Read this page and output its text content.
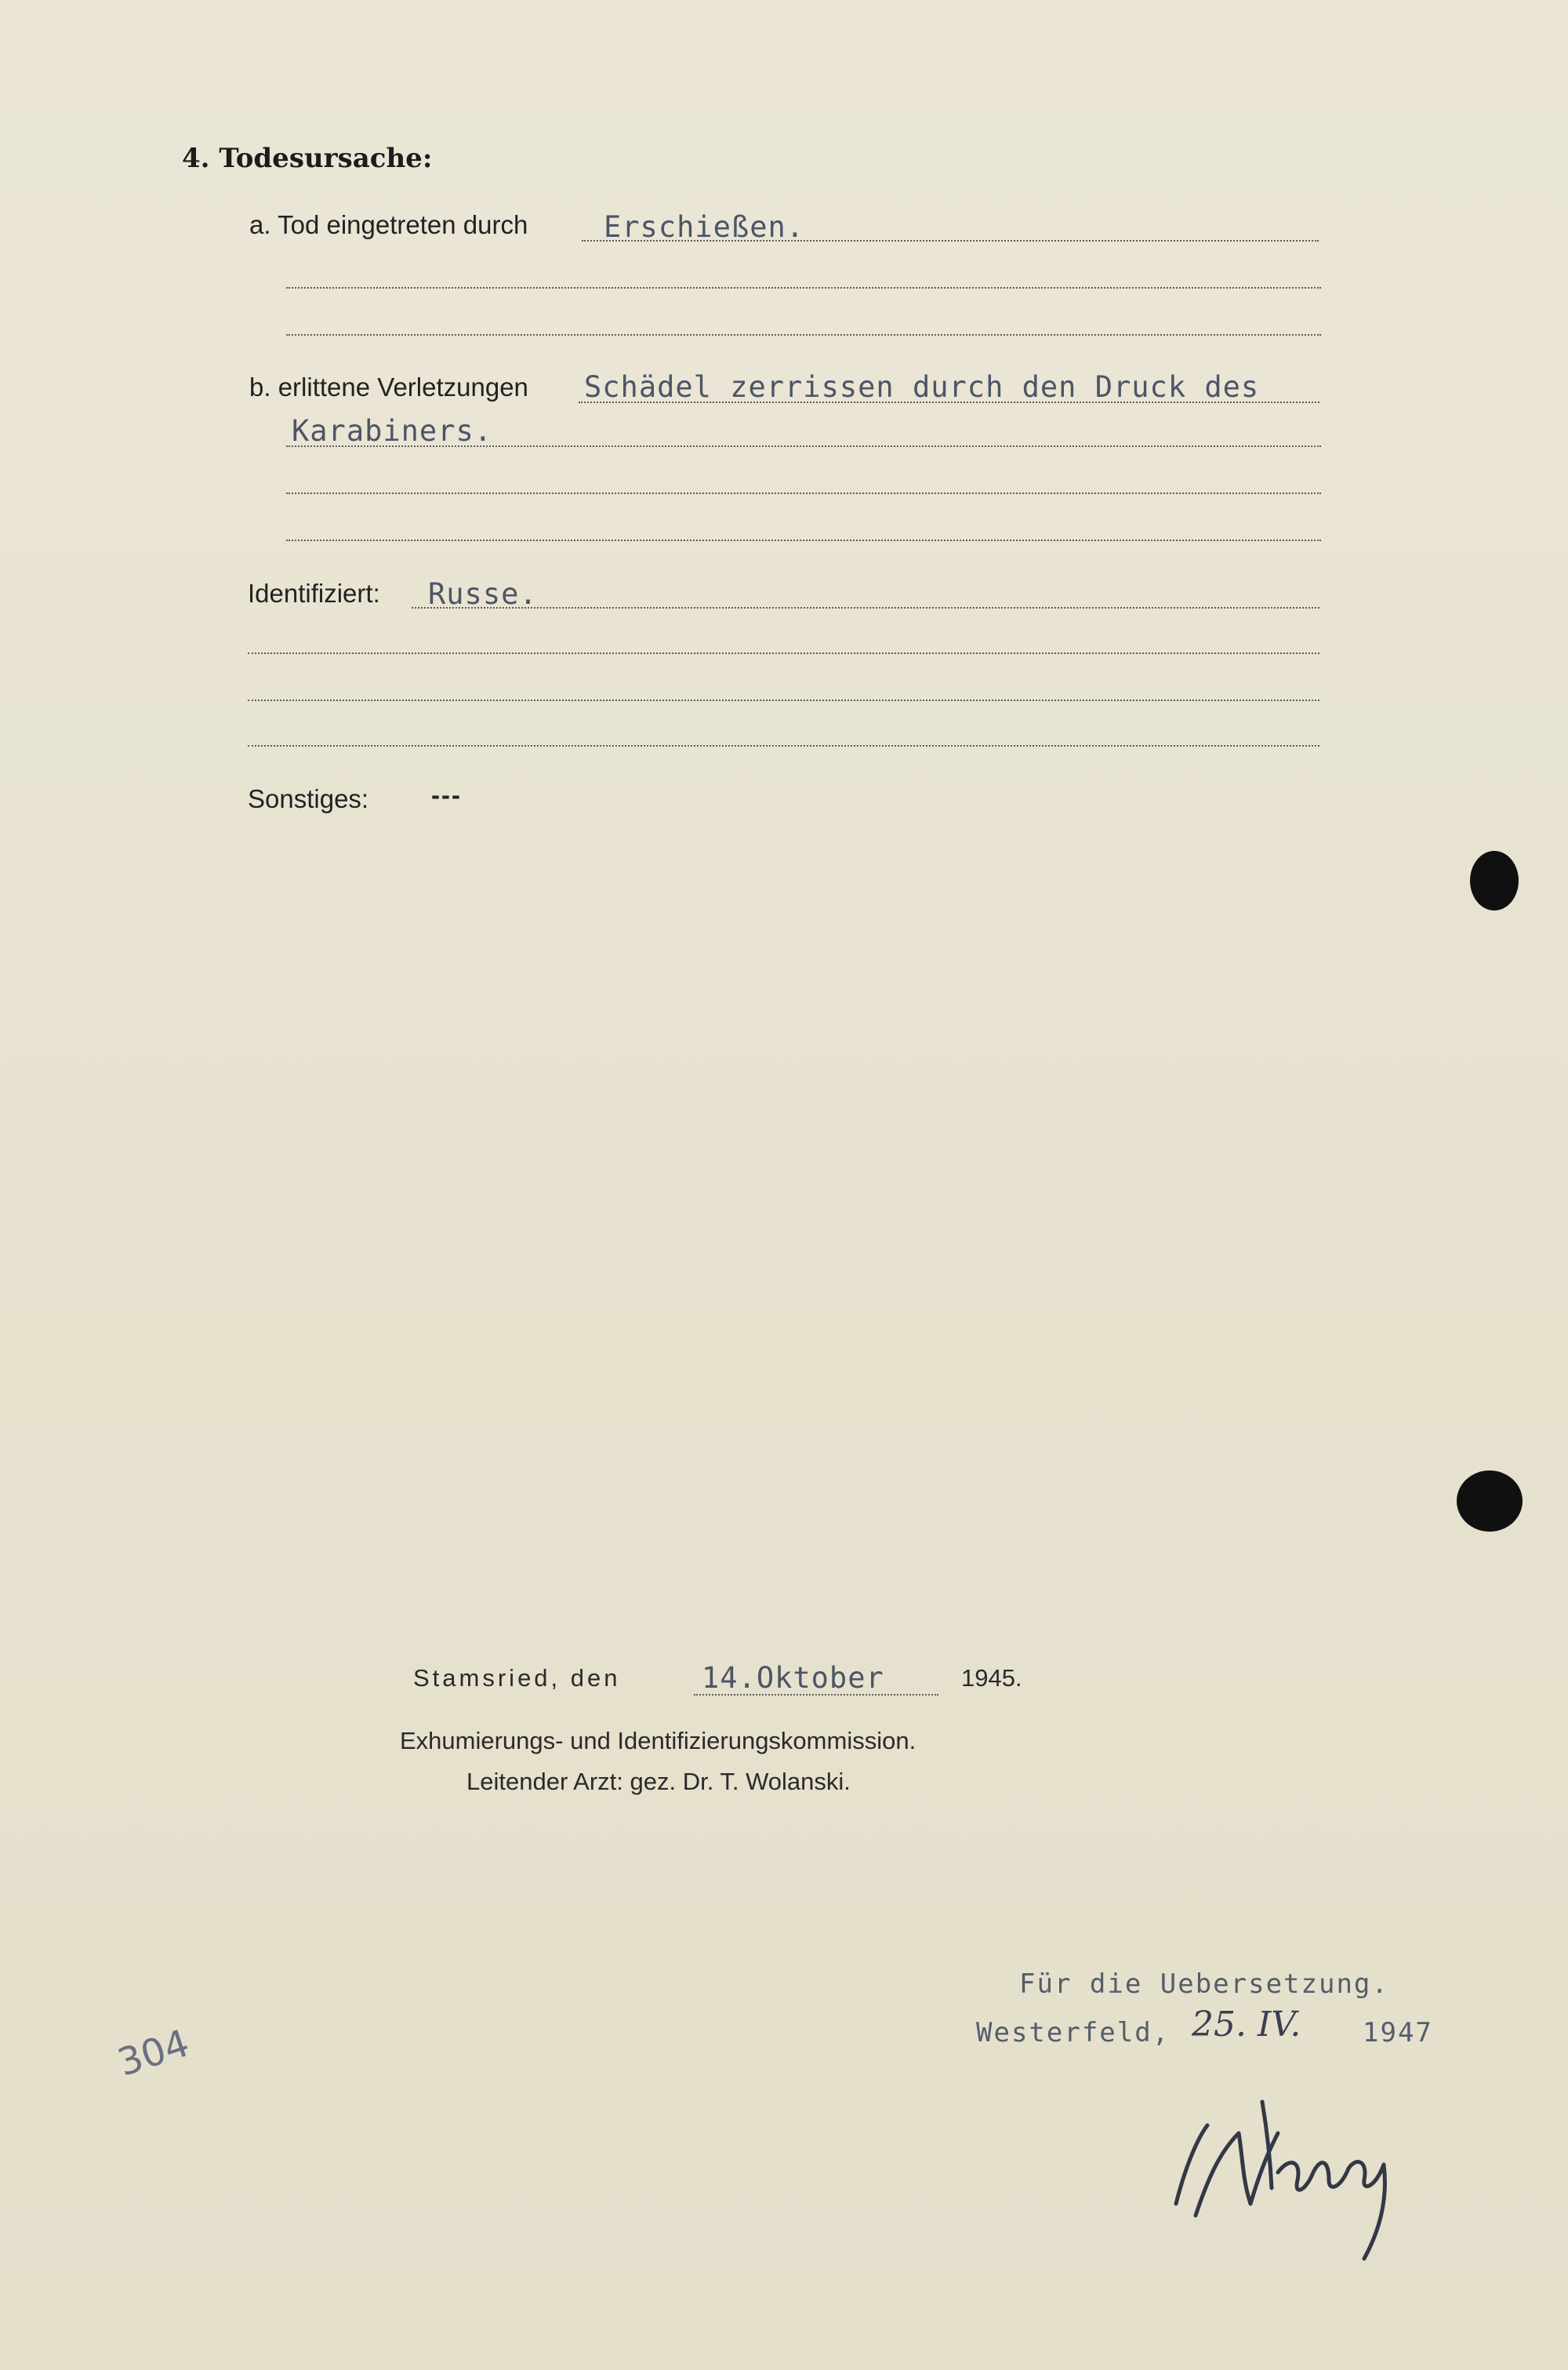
4. Todesursache:
a. Tod eingetreten durch	Erschießen.
b. erlittene Verletzungen Schädel zerrissen durch den Druck des
Karabiners.
Identifiziert: Russe.
Sonstiges: ---
Stamsried, den	14.Oktober	1945.
Exhumierungs- und Identifizierungskommission.
Leitender Arzt: gez. Dr. T. Wolanski.
Für die Uebersetzung.
Westerfeld, 25. IV. 1947
304
